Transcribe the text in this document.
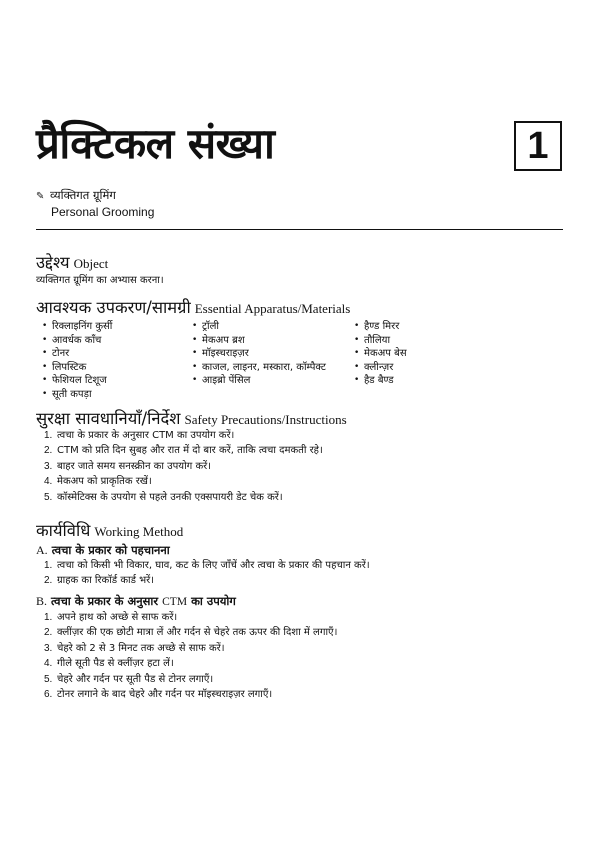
प्रैक्टिकल संख्या	1
✎ व्यक्तिगत ग्रूमिंग
Personal Grooming
उद्देश्य Object
व्यक्तिगत ग्रूमिंग का अभ्यास करना।
आवश्यक उपकरण/सामग्री Essential Apparatus/Materials
• रिक्लाइनिंग कुर्सी
• आवर्धक काँच
• टोनर
• लिपस्टिक
• फेशियल टिशूज
• सूती कपड़ा
• ट्रॉली
• मेकअप ब्रश
• मॉइस्चराइज़र
• काजल, लाइनर, मस्कारा, कॉम्पैक्ट
• आइब्रो पेंसिल
• हैण्ड मिरर
• तौलिया
• मेकअप बेस
• क्लीन्ज़र
• हैड बैण्ड
सुरक्षा सावधानियाँ/निर्देश Safety Precautions/Instructions
1. त्वचा के प्रकार के अनुसार CTM का उपयोग करें।
2. CTM को प्रति दिन सुबह और रात में दो बार करें, ताकि त्वचा दमकती रहे।
3. बाहर जाते समय सनस्क्रीन का उपयोग करें।
4. मेकअप को प्राकृतिक रखें।
5. कॉस्मेटिक्स के उपयोग से पहले उनकी एक्सपायरी डेट चेक करें।
कार्यविधि Working Method
A. त्वचा के प्रकार को पहचानना
1. त्वचा को किसी भी विकार, घाव, कट के लिए जाँचें और त्वचा के प्रकार की पहचान करें।
2. ग्राहक का रिकॉर्ड कार्ड भरें।
B. त्वचा के प्रकार के अनुसार CTM का उपयोग
1. अपने हाथ को अच्छे से साफ करें।
2. क्लींज़र की एक छोटी मात्रा लें और गर्दन से चेहरे तक ऊपर की दिशा में लगाएँ।
3. चेहरे को 2 से 3 मिनट तक अच्छे से साफ करें।
4. गीले सूती पैड से क्लींज़र हटा लें।
5. चेहरे और गर्दन पर सूती पैड से टोनर लगाएँ।
6. टोनर लगाने के बाद चेहरे और गर्दन पर मॉइस्चराइज़र लगाएँ।
